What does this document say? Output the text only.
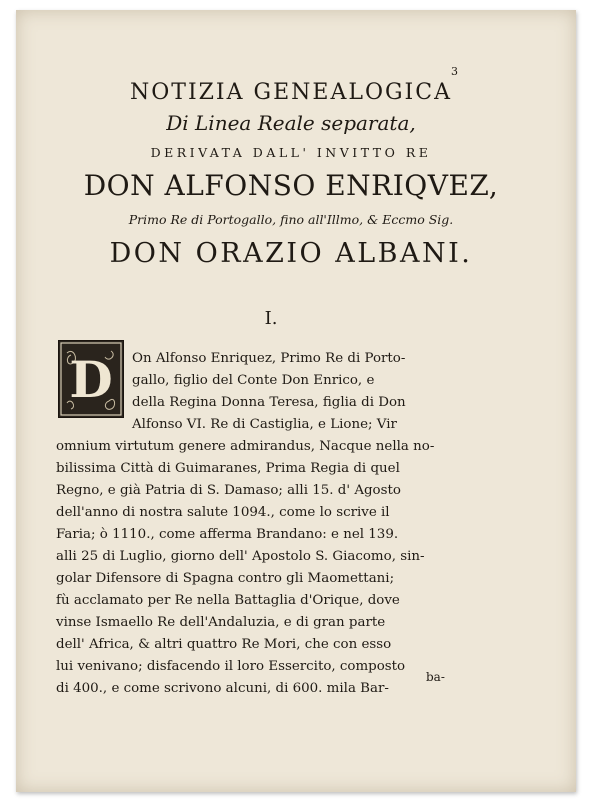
3
NOTIZIA GENEALOGICA
Di Linea Reale separata,
DERIVATA DALL' INVITTO RE
DON ALFONSO ENRIQVEZ,
Primo Re di Portogallo, fino all'Illmo, & Eccmo Sig.
DON ORAZIO ALBANI.
I.
D	On Alfonso Enriquez, Primo Re di Porto-
gallo, figlio del Conte Don Enrico, e
della Regina Donna Teresa, figlia di Don
Alfonso VI. Re di Castiglia, e Lione; Vir
omnium virtutum genere admirandus, Nacque nella no-
bilissima Città di Guimaranes, Prima Regia di quel
Regno, e già Patria di S. Damaso; alli 15. d' Agosto
dell'anno di nostra salute 1094., come lo scrive il
Faria; ò 1110., come afferma Brandano: e nel 139.
alli 25 di Luglio, giorno dell' Apostolo S. Giacomo, sin-
golar Difensore di Spagna contro gli Maomettani;
fù acclamato per Re nella Battaglia d'Orique, dove
vinse Ismaello Re dell'Andaluzia, e di gran parte
dell' Africa, & altri quattro Re Mori, che con esso
lui venivano; disfacendo il loro Essercito, composto
di 400., e come scrivono alcuni, di 600. mila Bar-
ba-
